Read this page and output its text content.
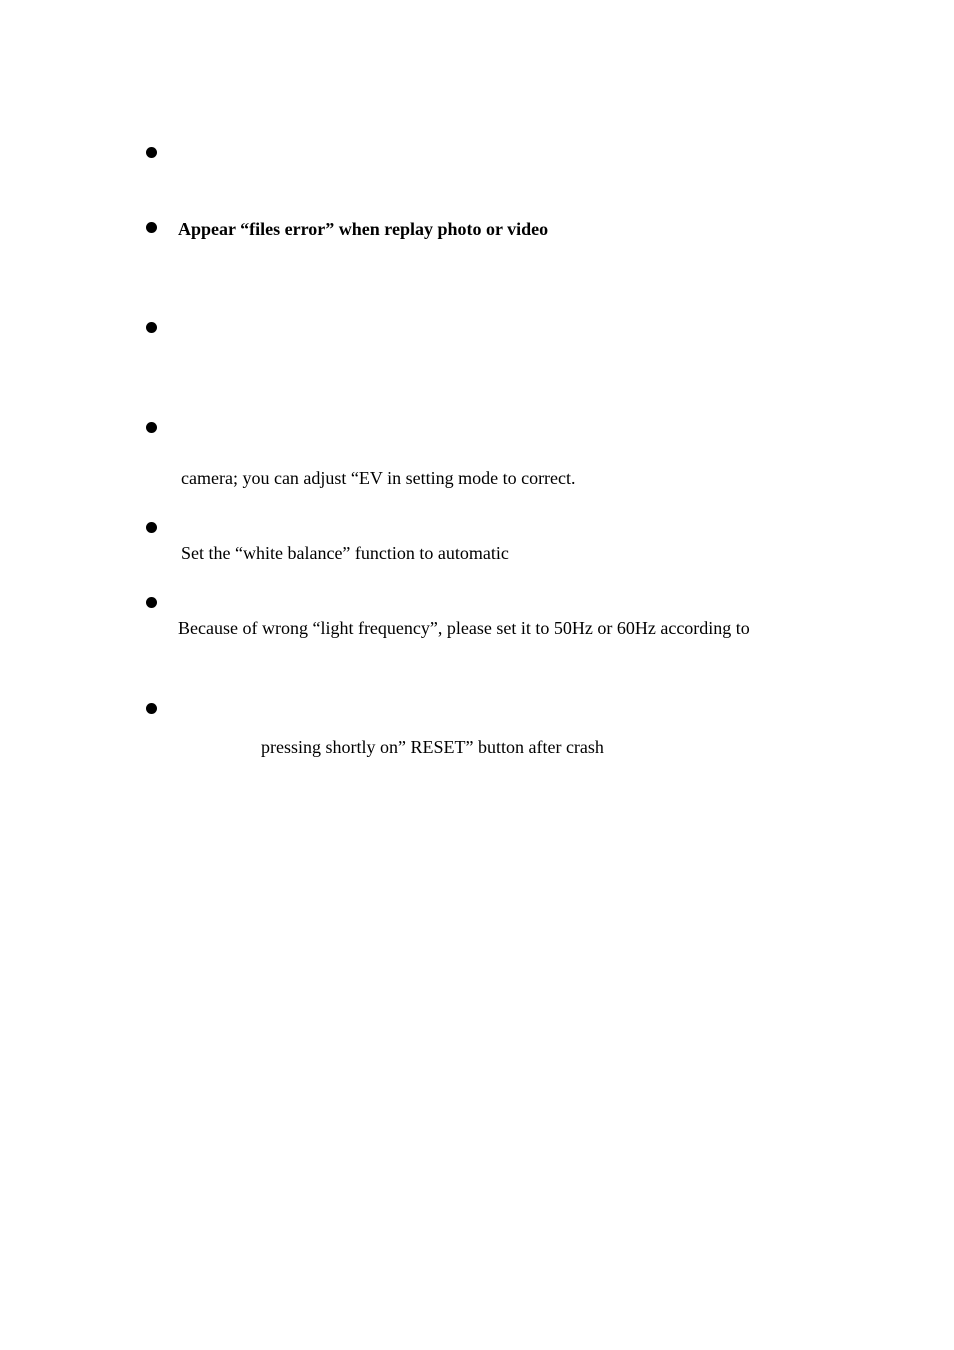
Appear “files error” when replay photo or video
camera; you can adjust “EV in setting mode to correct.
Set the “white balance” function to automatic
Because of wrong “light frequency”, please set it to 50Hz or 60Hz according to
pressing shortly on” RESET” button after crash
